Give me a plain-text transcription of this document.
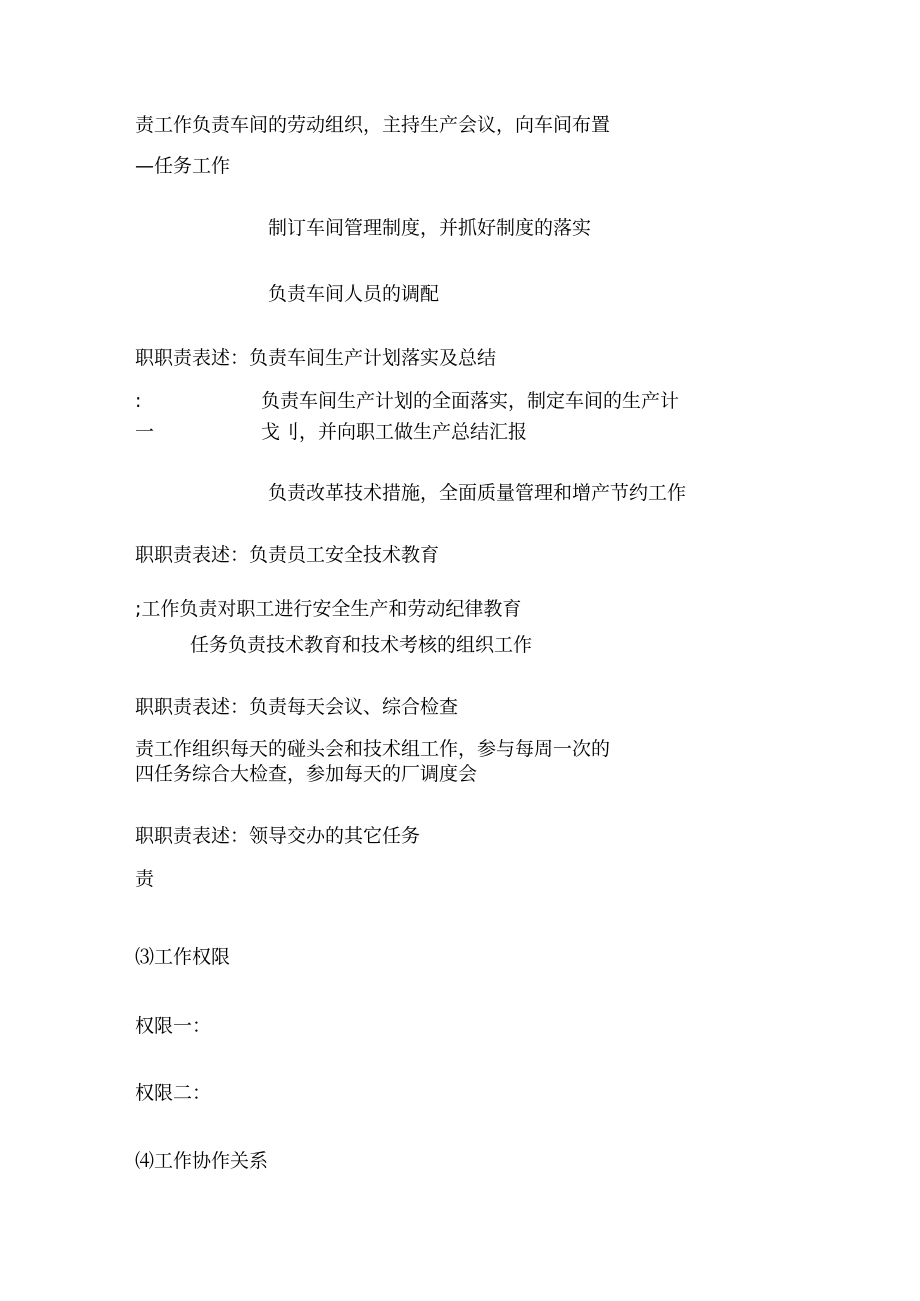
责工作负责车间的劳动组织，主持生产会议，向车间布置
—任务工作
制订车间管理制度，并抓好制度的落实
负责车间人员的调配
职职责表述：负责车间生产计划落实及总结
:	负责车间生产计划的全面落实，制定车间的生产计
一	戈刂，并向职工做生产总结汇报
负责改革技术措施，全面质量管理和增产节约工作
职职责表述：负责员工安全技术教育
;工作负责对职工进行安全生产和劳动纪律教育
任务负责技术教育和技术考核的组织工作
职职责表述：负责每天会议、综合检查
责工作组织每天的碰头会和技术组工作，参与每周一次的
四任务综合大检查，参加每天的厂调度会
职职责表述：领导交办的其它任务
责
⑶工作权限
权限一：
权限二：
⑷工作协作关系
